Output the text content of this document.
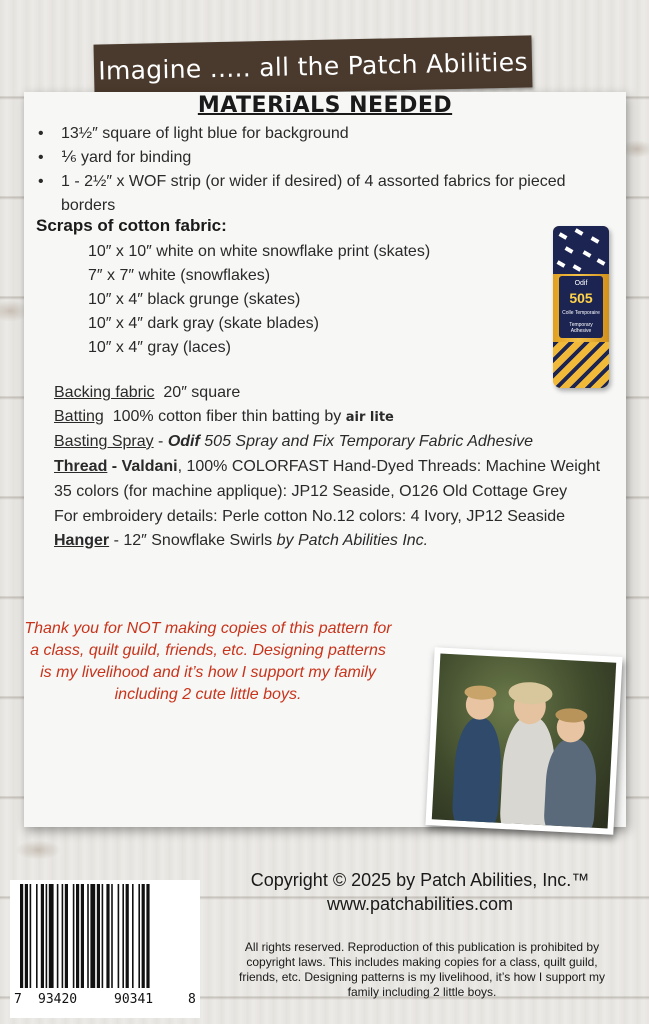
Imagine ..... all the Patch Abilities
MATERiALS NEEDED
• 13½″ square of light blue for background
• ⅙ yard for binding
• 1 - 2½″ x WOF strip (or wider if desired) of 4 assorted fabrics for pieced borders
Scraps of cotton fabric:
10″ x 10″ white on white snowflake print (skates)
7″ x 7″ white (snowflakes)
10″ x 4″ black grunge (skates)
10″ x 4″ dark gray (skate blades)
10″ x 4″ gray (laces)
Odif
505
Colle Temporaire
Temporary Adhesive
Backing fabric 20″ square
Batting 100% cotton fiber thin batting by air lite
Basting Spray - Odif 505 Spray and Fix Temporary Fabric Adhesive
Thread - Valdani, 100% COLORFAST Hand-Dyed Threads: Machine Weight
35 colors (for machine applique): JP12 Seaside, O126 Old Cottage Grey
For embroidery details: Perle cotton No.12 colors: 4 Ivory, JP12 Seaside
Hanger - 12″ Snowflake Swirls by Patch Abilities Inc.
Thank you for NOT making copies of this pattern for
a class, quilt guild, friends, etc. Designing patterns
is my livelihood and it’s how I support my family
including 2 cute little boys.
7 93420	90341	8
Copyright © 2025 by Patch Abilities, Inc.™
www.patchabilities.com
All rights reserved. Reproduction of this publication is prohibited by
copyright laws. This includes making copies for a class, quilt guild,
friends, etc. Designing patterns is my livelihood, it’s how I support my
family including 2 little boys.
